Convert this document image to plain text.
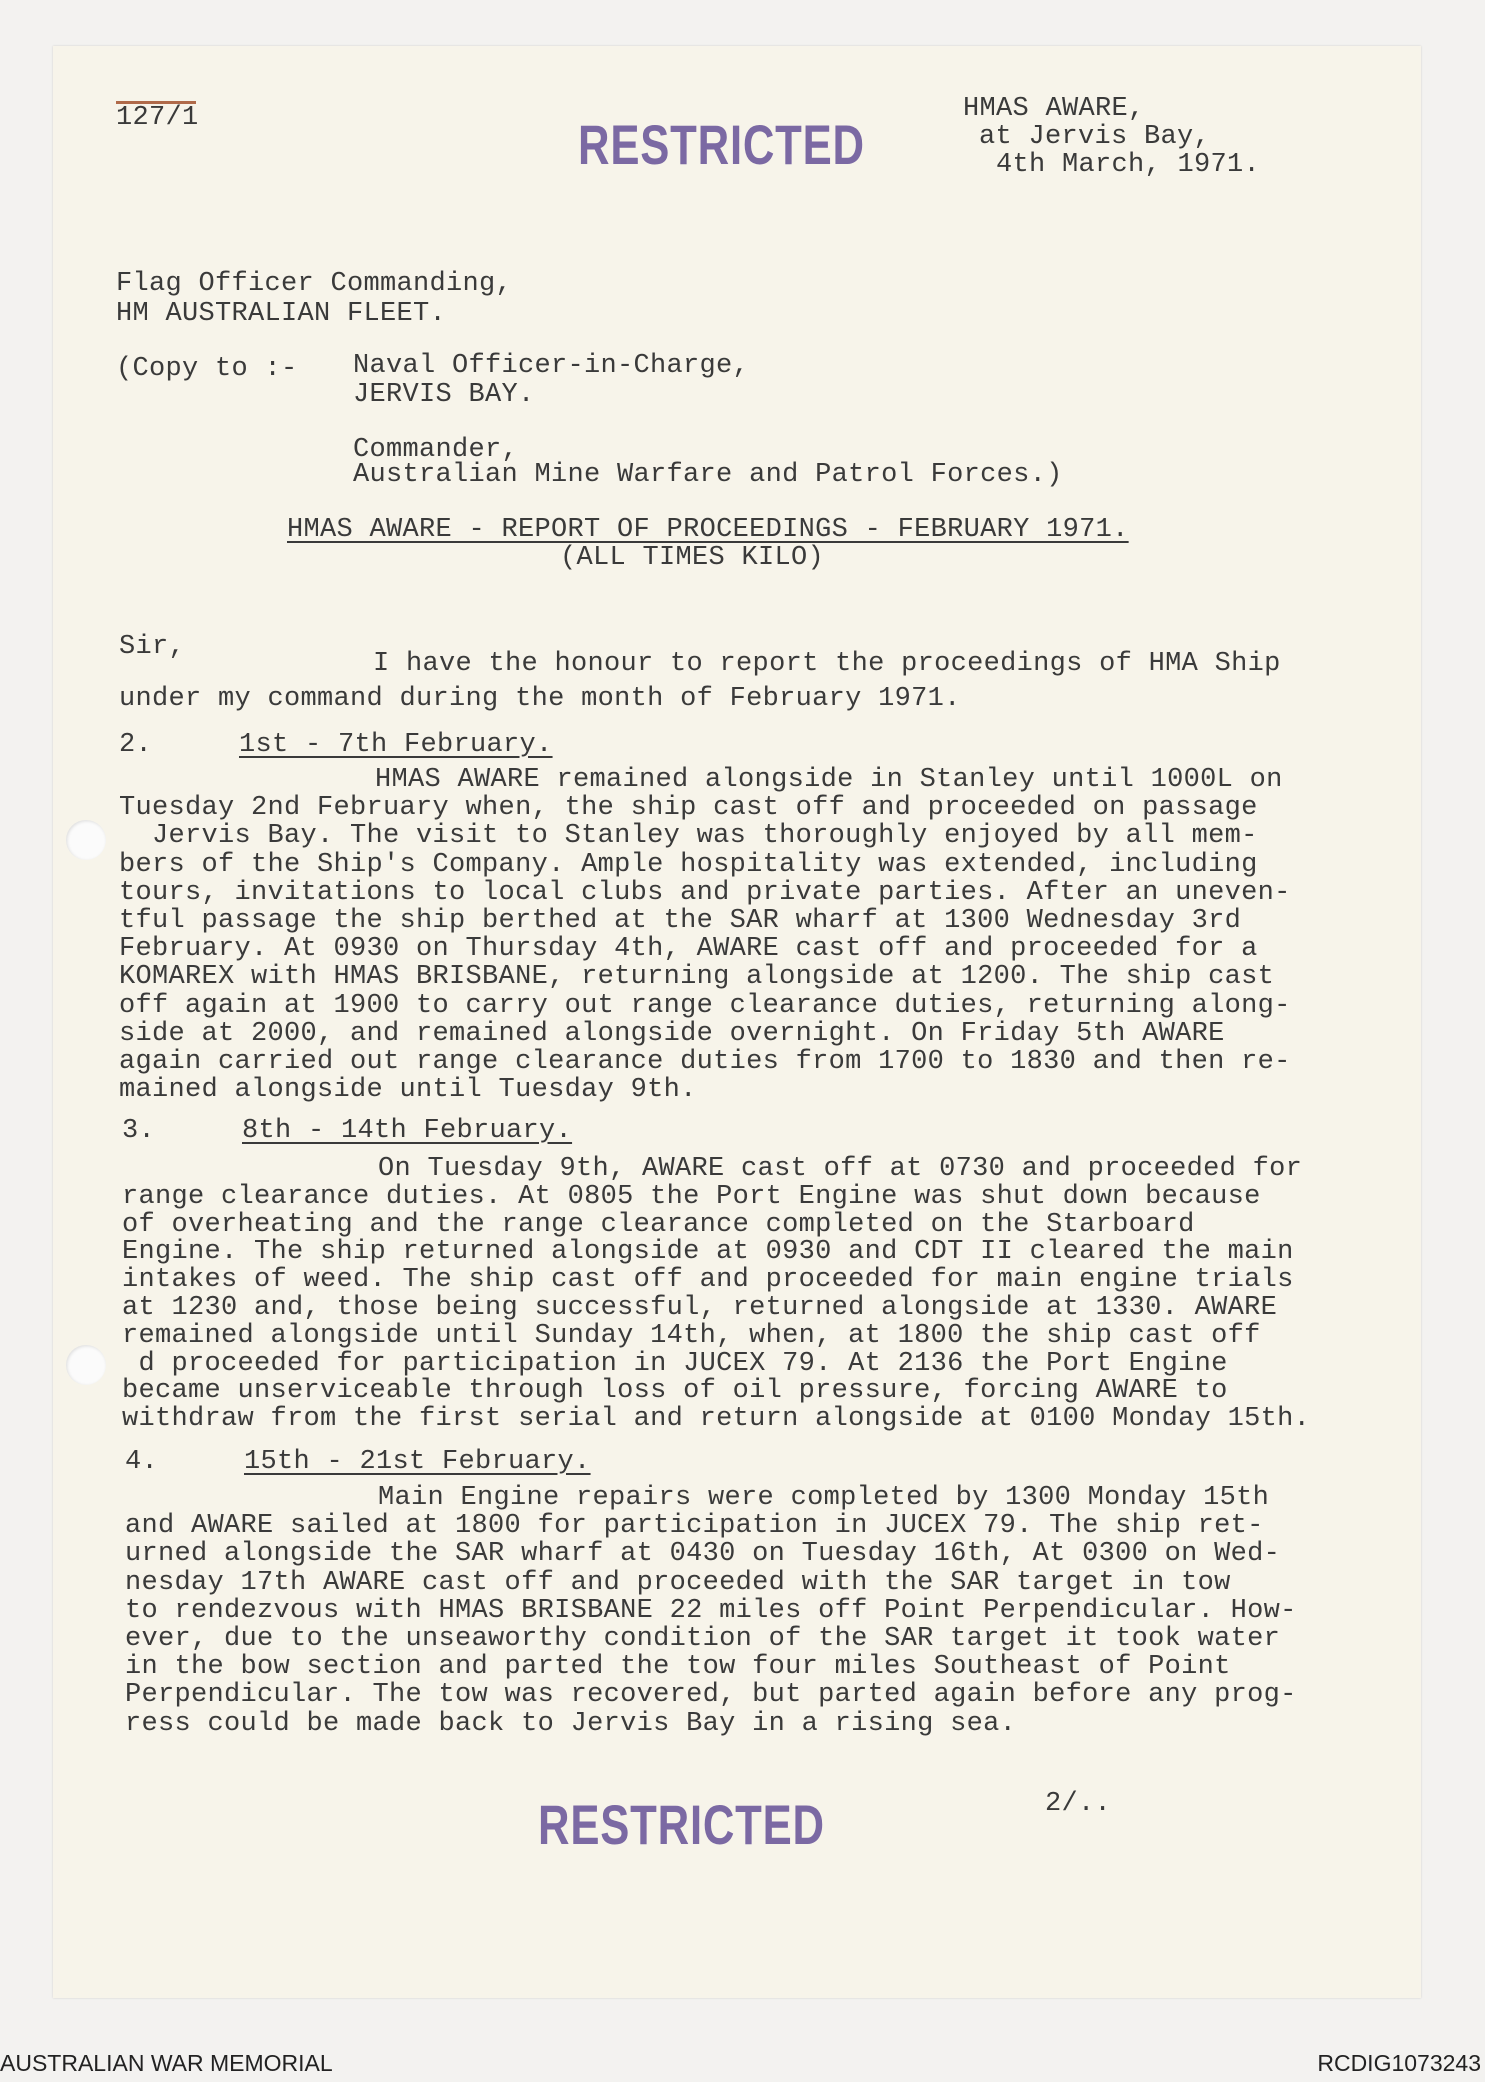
127/1	RESTRICTED
HMAS AWARE,
at Jervis Bay,
4th March, 1971.
Flag Officer Commanding,
HM AUSTRALIAN FLEET.
(Copy to :- Naval Officer-in-Charge,
JERVIS BAY.
Commander,
Australian Mine Warfare and Patrol Forces.)
HMAS AWARE - REPORT OF PROCEEDINGS - FEBRUARY 1971.
(ALL TIMES KILO)
Sir,
I have the honour to report the proceedings of HMA Ship
under my command during the month of February 1971.
2.	1st - 7th February.
HMAS AWARE remained alongside in Stanley until 1000L on
Tuesday 2nd February when, the ship cast off and proceeded on passage
Jervis Bay. The visit to Stanley was thoroughly enjoyed by all mem-
bers of the Ship's Company. Ample hospitality was extended, including
tours, invitations to local clubs and private parties. After an uneven-
tful passage the ship berthed at the SAR wharf at 1300 Wednesday 3rd
February. At 0930 on Thursday 4th, AWARE cast off and proceeded for a
KOMAREX with HMAS BRISBANE, returning alongside at 1200. The ship cast
off again at 1900 to carry out range clearance duties, returning along-
side at 2000, and remained alongside overnight. On Friday 5th AWARE
again carried out range clearance duties from 1700 to 1830 and then re-
mained alongside until Tuesday 9th.
3.	8th - 14th February.
On Tuesday 9th, AWARE cast off at 0730 and proceeded for
range clearance duties. At 0805 the Port Engine was shut down because
of overheating and the range clearance completed on the Starboard
Engine. The ship returned alongside at 0930 and CDT II cleared the main
intakes of weed. The ship cast off and proceeded for main engine trials
at 1230 and, those being successful, returned alongside at 1330. AWARE
remained alongside until Sunday 14th, when, at 1800 the ship cast off
d proceeded for participation in JUCEX 79. At 2136 the Port Engine
became unserviceable through loss of oil pressure, forcing AWARE to
withdraw from the first serial and return alongside at 0100 Monday 15th.
4.	15th - 21st February.
Main Engine repairs were completed by 1300 Monday 15th
and AWARE sailed at 1800 for participation in JUCEX 79. The ship ret-
urned alongside the SAR wharf at 0430 on Tuesday 16th, At 0300 on Wed-
nesday 17th AWARE cast off and proceeded with the SAR target in tow
to rendezvous with HMAS BRISBANE 22 miles off Point Perpendicular. How-
ever, due to the unseaworthy condition of the SAR target it took water
in the bow section and parted the tow four miles Southeast of Point
Perpendicular. The tow was recovered, but parted again before any prog-
ress could be made back to Jervis Bay in a rising sea.
RESTRICTED	2/..
AUSTRALIAN WAR MEMORIAL	RCDIG1073243
